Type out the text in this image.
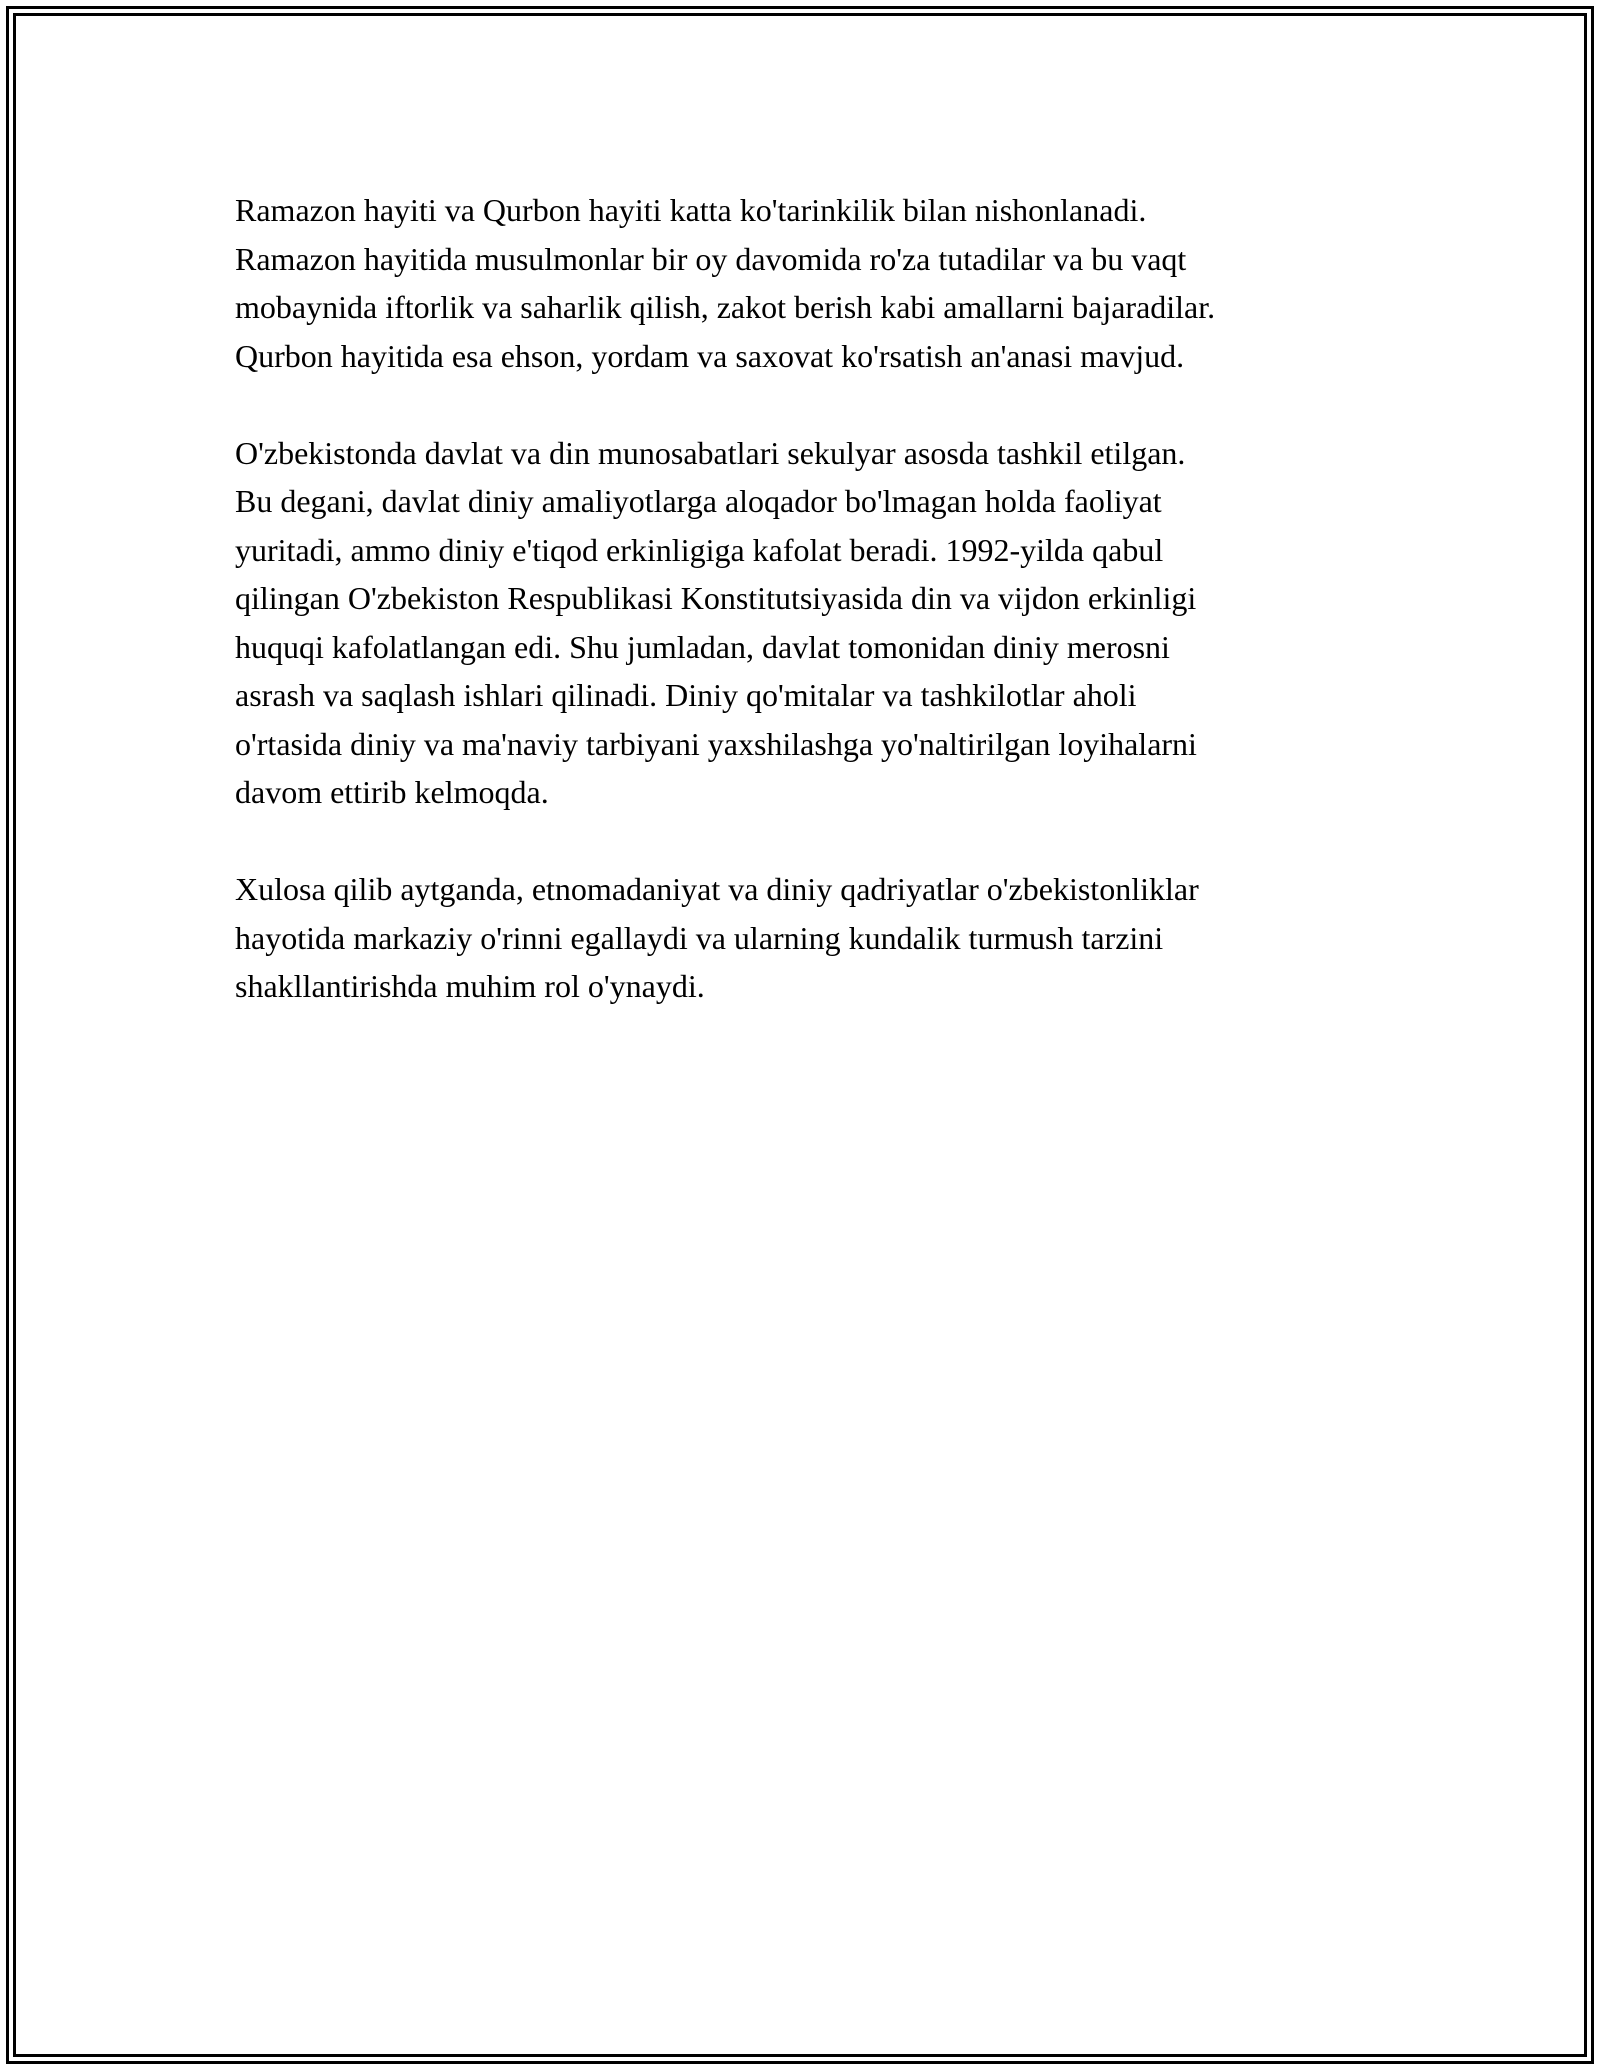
Ramazon hayiti va Qurbon hayiti katta ko'tarinkilik bilan nishonlanadi.
Ramazon hayitida musulmonlar bir oy davomida ro'za tutadilar va bu vaqt
mobaynida iftorlik va saharlik qilish, zakot berish kabi amallarni bajaradilar.
Qurbon hayitida esa ehson, yordam va saxovat ko'rsatish an'anasi mavjud.

O'zbekistonda davlat va din munosabatlari sekulyar asosda tashkil etilgan.
Bu degani, davlat diniy amaliyotlarga aloqador bo'lmagan holda faoliyat
yuritadi, ammo diniy e'tiqod erkinligiga kafolat beradi. 1992-yilda qabul
qilingan O'zbekiston Respublikasi Konstitutsiyasida din va vijdon erkinligi
huquqi kafolatlangan edi. Shu jumladan, davlat tomonidan diniy merosni
asrash va saqlash ishlari qilinadi. Diniy qo'mitalar va tashkilotlar aholi
o'rtasida diniy va ma'naviy tarbiyani yaxshilashga yo'naltirilgan loyihalarni
davom ettirib kelmoqda.

Xulosa qilib aytganda, etnomadaniyat va diniy qadriyatlar o'zbekistonliklar
hayotida markaziy o'rinni egallaydi va ularning kundalik turmush tarzini
shakllantirishda muhim rol o'ynaydi.
